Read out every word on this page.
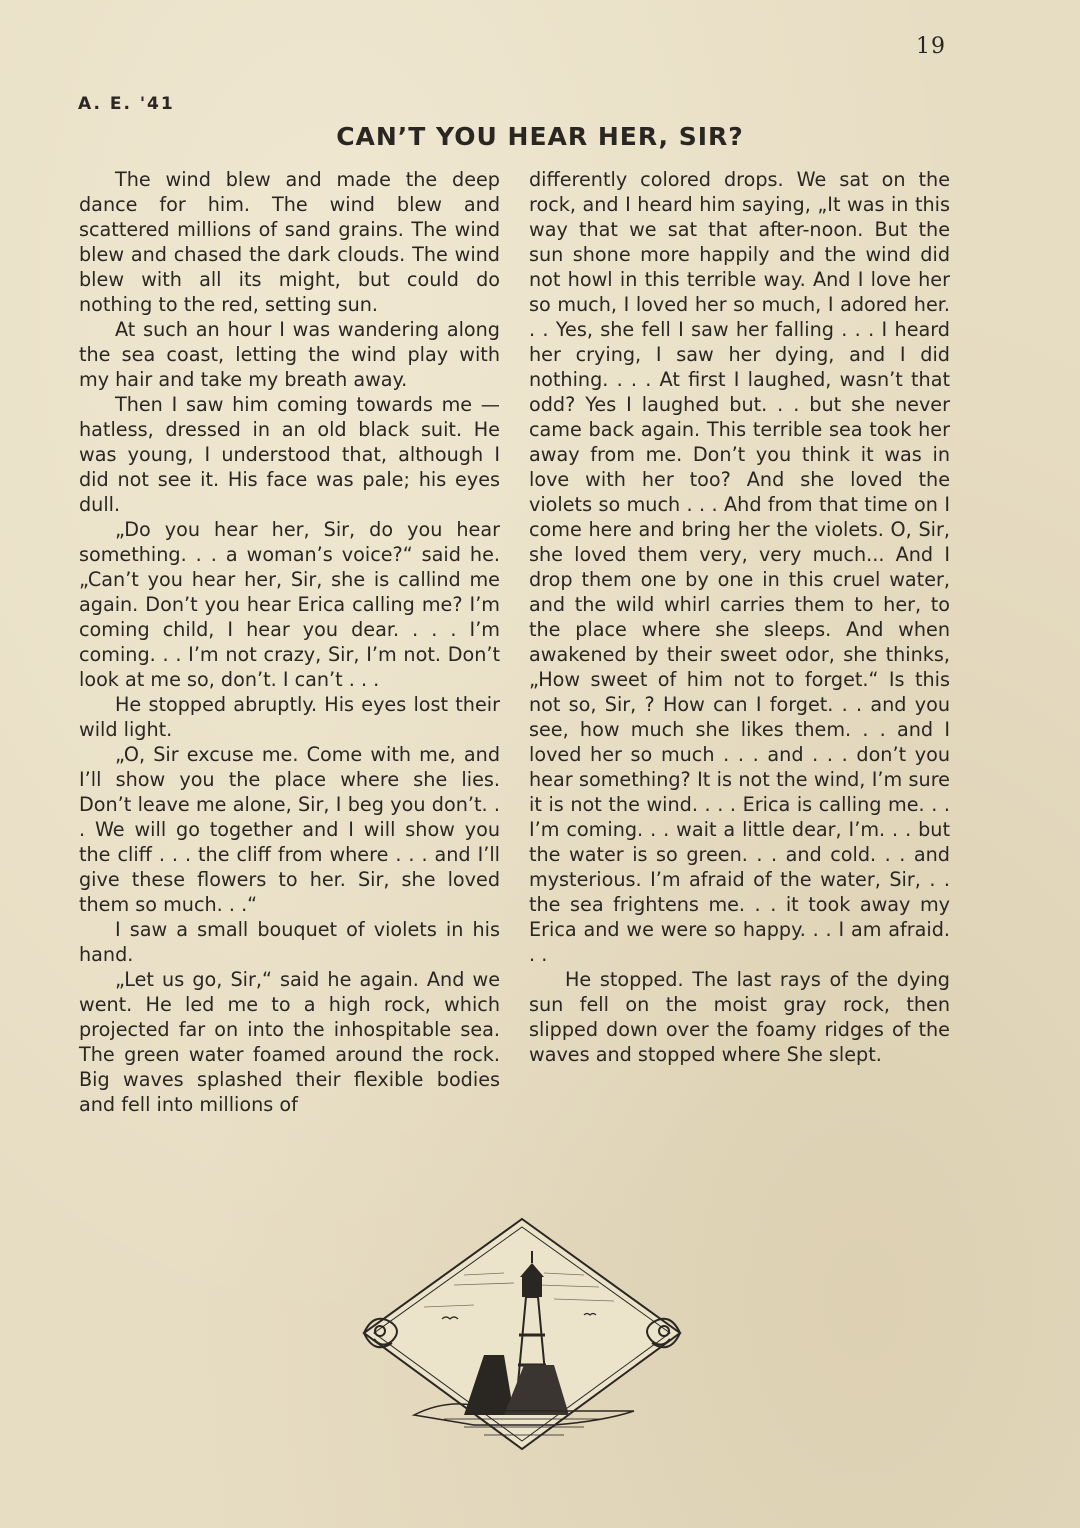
19
A. E. '41
CAN’T YOU HEAR HER, SIR?

The wind blew and made the deep dance for him. The wind blew and scattered millions of sand grains. The wind blew and chased the dark clouds. The wind blew with all its might, but could do nothing to the red, setting sun.

At such an hour I was wandering along the sea coast, letting the wind play with my hair and take my breath away.

Then I saw him coming towards me —hatless, dressed in an old black suit. He was young, I understood that, although I did not see it. His face was pale; his eyes dull.

„Do you hear her, Sir, do you hear something. . . a woman’s voice?“ said he. „Can’t you hear her, Sir, she is callind me again. Don’t you hear Erica calling me? I’m coming child, I hear you dear. . . . I’m coming. . . I’m not crazy, Sir, I’m not. Don’t look at me so, don’t. I can’t . . .

He stopped abruptly. His eyes lost their wild light.

„O, Sir excuse me. Come with me, and I’ll show you the place where she lies. Don’t leave me alone, Sir, I beg you don’t. . . We will go together and I will show you the cliff . . . the cliff from where . . . and I’ll give these flowers to her. Sir, she loved them so much. . .“

I saw a small bouquet of violets in his hand.

„Let us go, Sir,“ said he again. And we went. He led me to a high rock, which projected far on into the inhospitable sea. The green water foamed around the rock. Big waves splashed their flexible bodies and fell into millions of

differently colored drops. We sat on the rock, and I heard him saying, „It was in this way that we sat that after-noon. But the sun shone more happily and the wind did not howl in this terrible way. And I love her so much, I loved her so much, I adored her. . . Yes, she fell I saw her falling . . . I heard her crying, I saw her dying, and I did nothing. . . . At first I laughed, wasn’t that odd? Yes I laughed but. . . but she never came back again. This terrible sea took her away from me. Don’t you think it was in love with her too? And she loved the violets so much . . . Ahd from that time on I come here and bring her the violets. O, Sir, she loved them very, very much... And I drop them one by one in this cruel water, and the wild whirl carries them to her, to the place where she sleeps. And when awakened by their sweet odor, she thinks, „How sweet of him not to forget.“ Is this not so, Sir, ? How can I forget. . . and you see, how much she likes them. . . and I loved her so much . . . and . . . don’t you hear something? It is not the wind, I’m sure it is not the wind. . . . Erica is calling me. . . I’m coming. . . wait a little dear, I’m. . . but the water is so green. . . and cold. . . and mysterious. I’m afraid of the water, Sir, . . the sea frightens me. . . it took away my Erica and we were so happy. . . I am afraid. . .

He stopped. The last rays of the dying sun fell on the moist gray rock, then slipped down over the foamy ridges of the waves and stopped where She slept.
